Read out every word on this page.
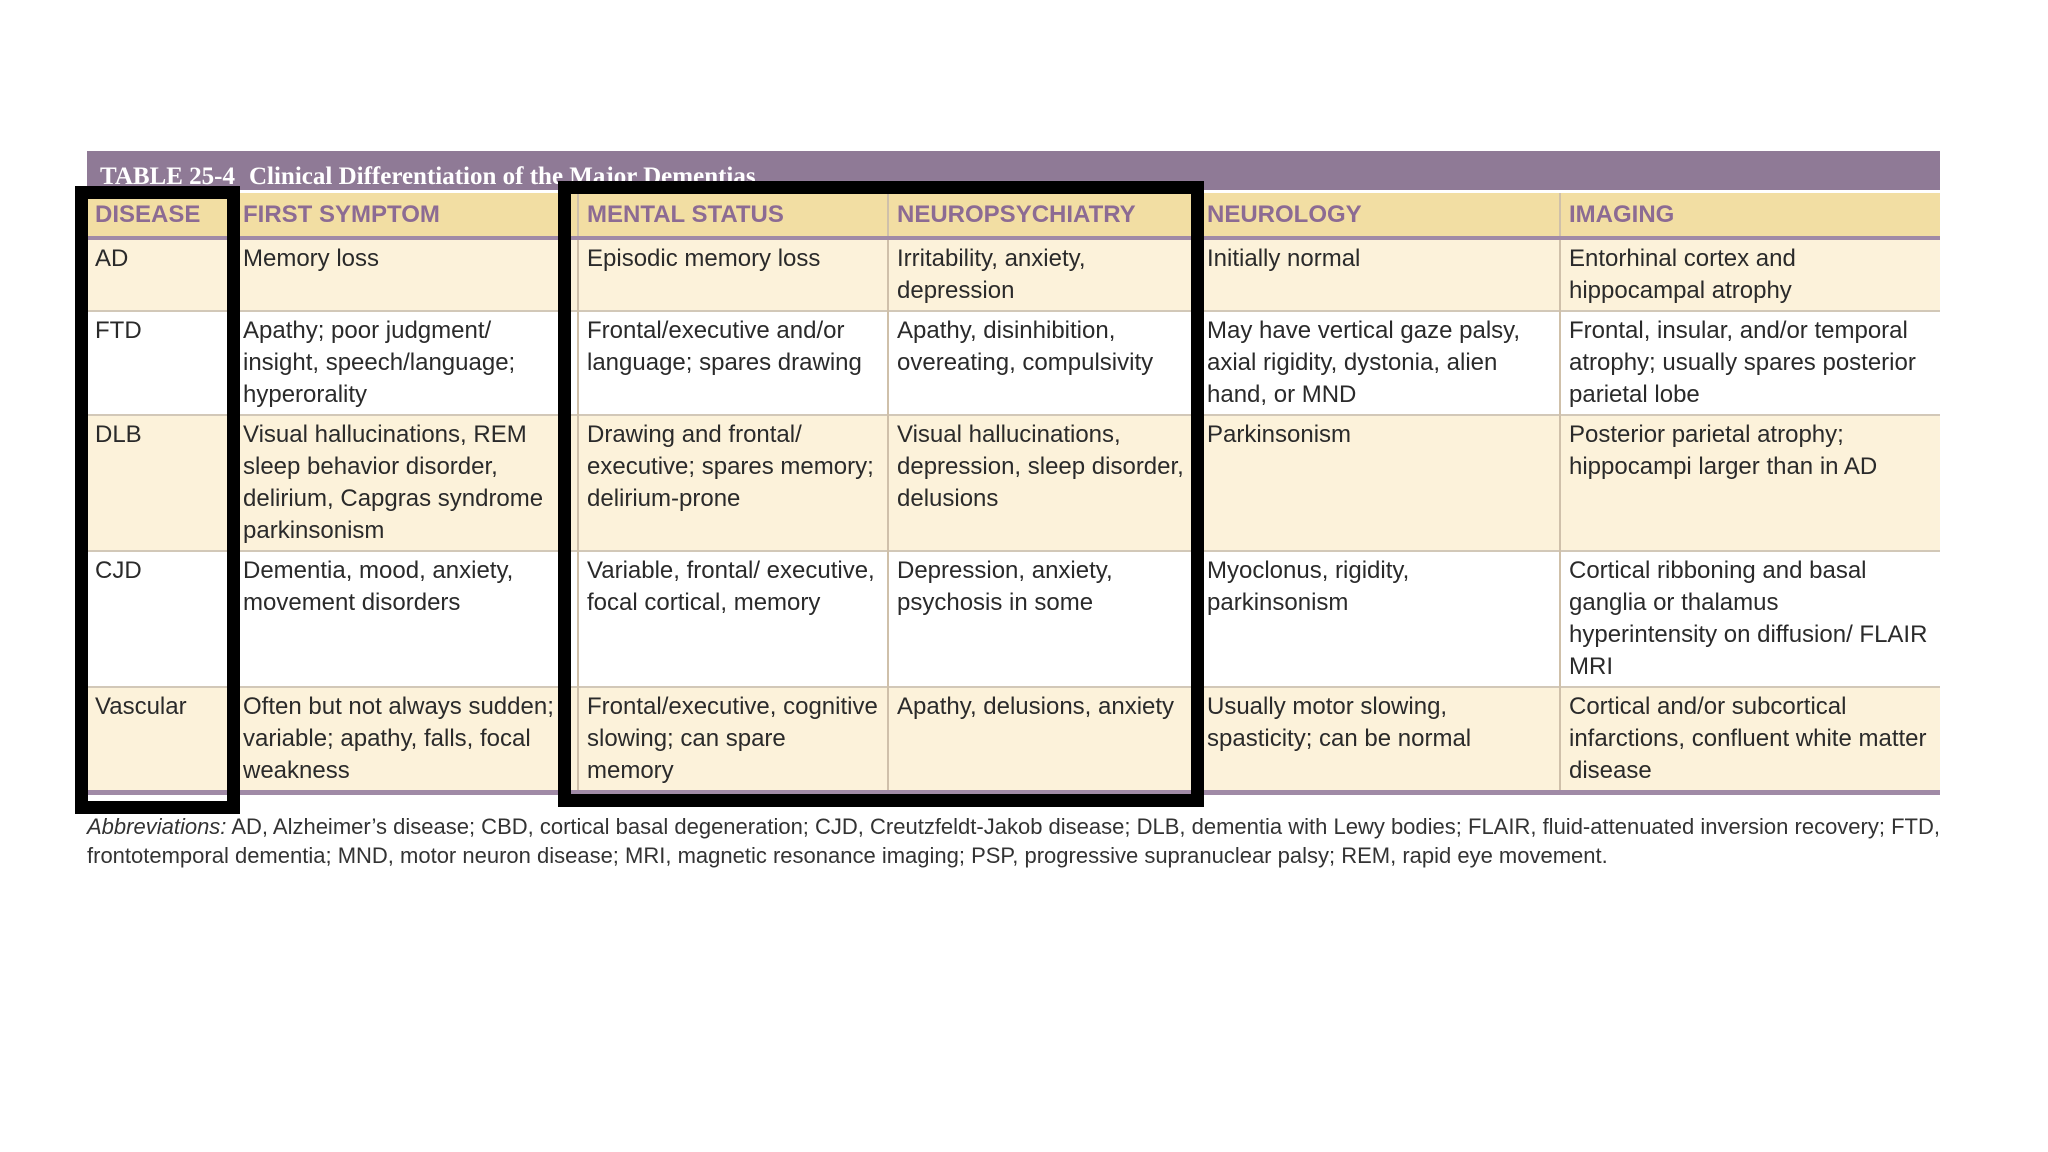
TABLE 25-4 Clinical Differentiation of the Major Dementias
DISEASE	FIRST SYMPTOM	MENTAL STATUS	NEUROPSYCHIATRY	NEUROLOGY	IMAGING
AD	Memory loss	Episodic memory loss	Irritability, anxiety, depression	Initially normal	Entorhinal cortex and hippocampal atrophy
FTD	Apathy; poor judgment/ insight, speech/language; hyperorality	Frontal/executive and/or language; spares drawing	Apathy, disinhibition, overeating, compulsivity	May have vertical gaze palsy, axial rigidity, dystonia, alien hand, or MND	Frontal, insular, and/or temporal atrophy; usually spares posterior parietal lobe
DLB	Visual hallucinations, REM sleep behavior disorder, delirium, Capgras syndrome parkinsonism	Drawing and frontal/ executive; spares memory; delirium-prone	Visual hallucinations, depression, sleep disorder, delusions	Parkinsonism	Posterior parietal atrophy; hippocampi larger than in AD
CJD	Dementia, mood, anxiety, movement disorders	Variable, frontal/ executive, focal cortical, memory	Depression, anxiety, psychosis in some	Myoclonus, rigidity, parkinsonism	Cortical ribboning and basal ganglia or thalamus hyperintensity on diffusion/ FLAIR MRI
Vascular	Often but not always sudden; variable; apathy, falls, focal weakness	Frontal/executive, cognitive slowing; can spare memory	Apathy, delusions, anxiety	Usually motor slowing, spasticity; can be normal	Cortical and/or subcortical infarctions, confluent white matter disease
Abbreviations: AD, Alzheimer’s disease; CBD, cortical basal degeneration; CJD, Creutzfeldt-Jakob disease; DLB, dementia with Lewy bodies; FLAIR, fluid-attenuated inversion recovery; FTD, frontotemporal dementia; MND, motor neuron disease; MRI, magnetic resonance imaging; PSP, progressive supranuclear palsy; REM, rapid eye movement.
